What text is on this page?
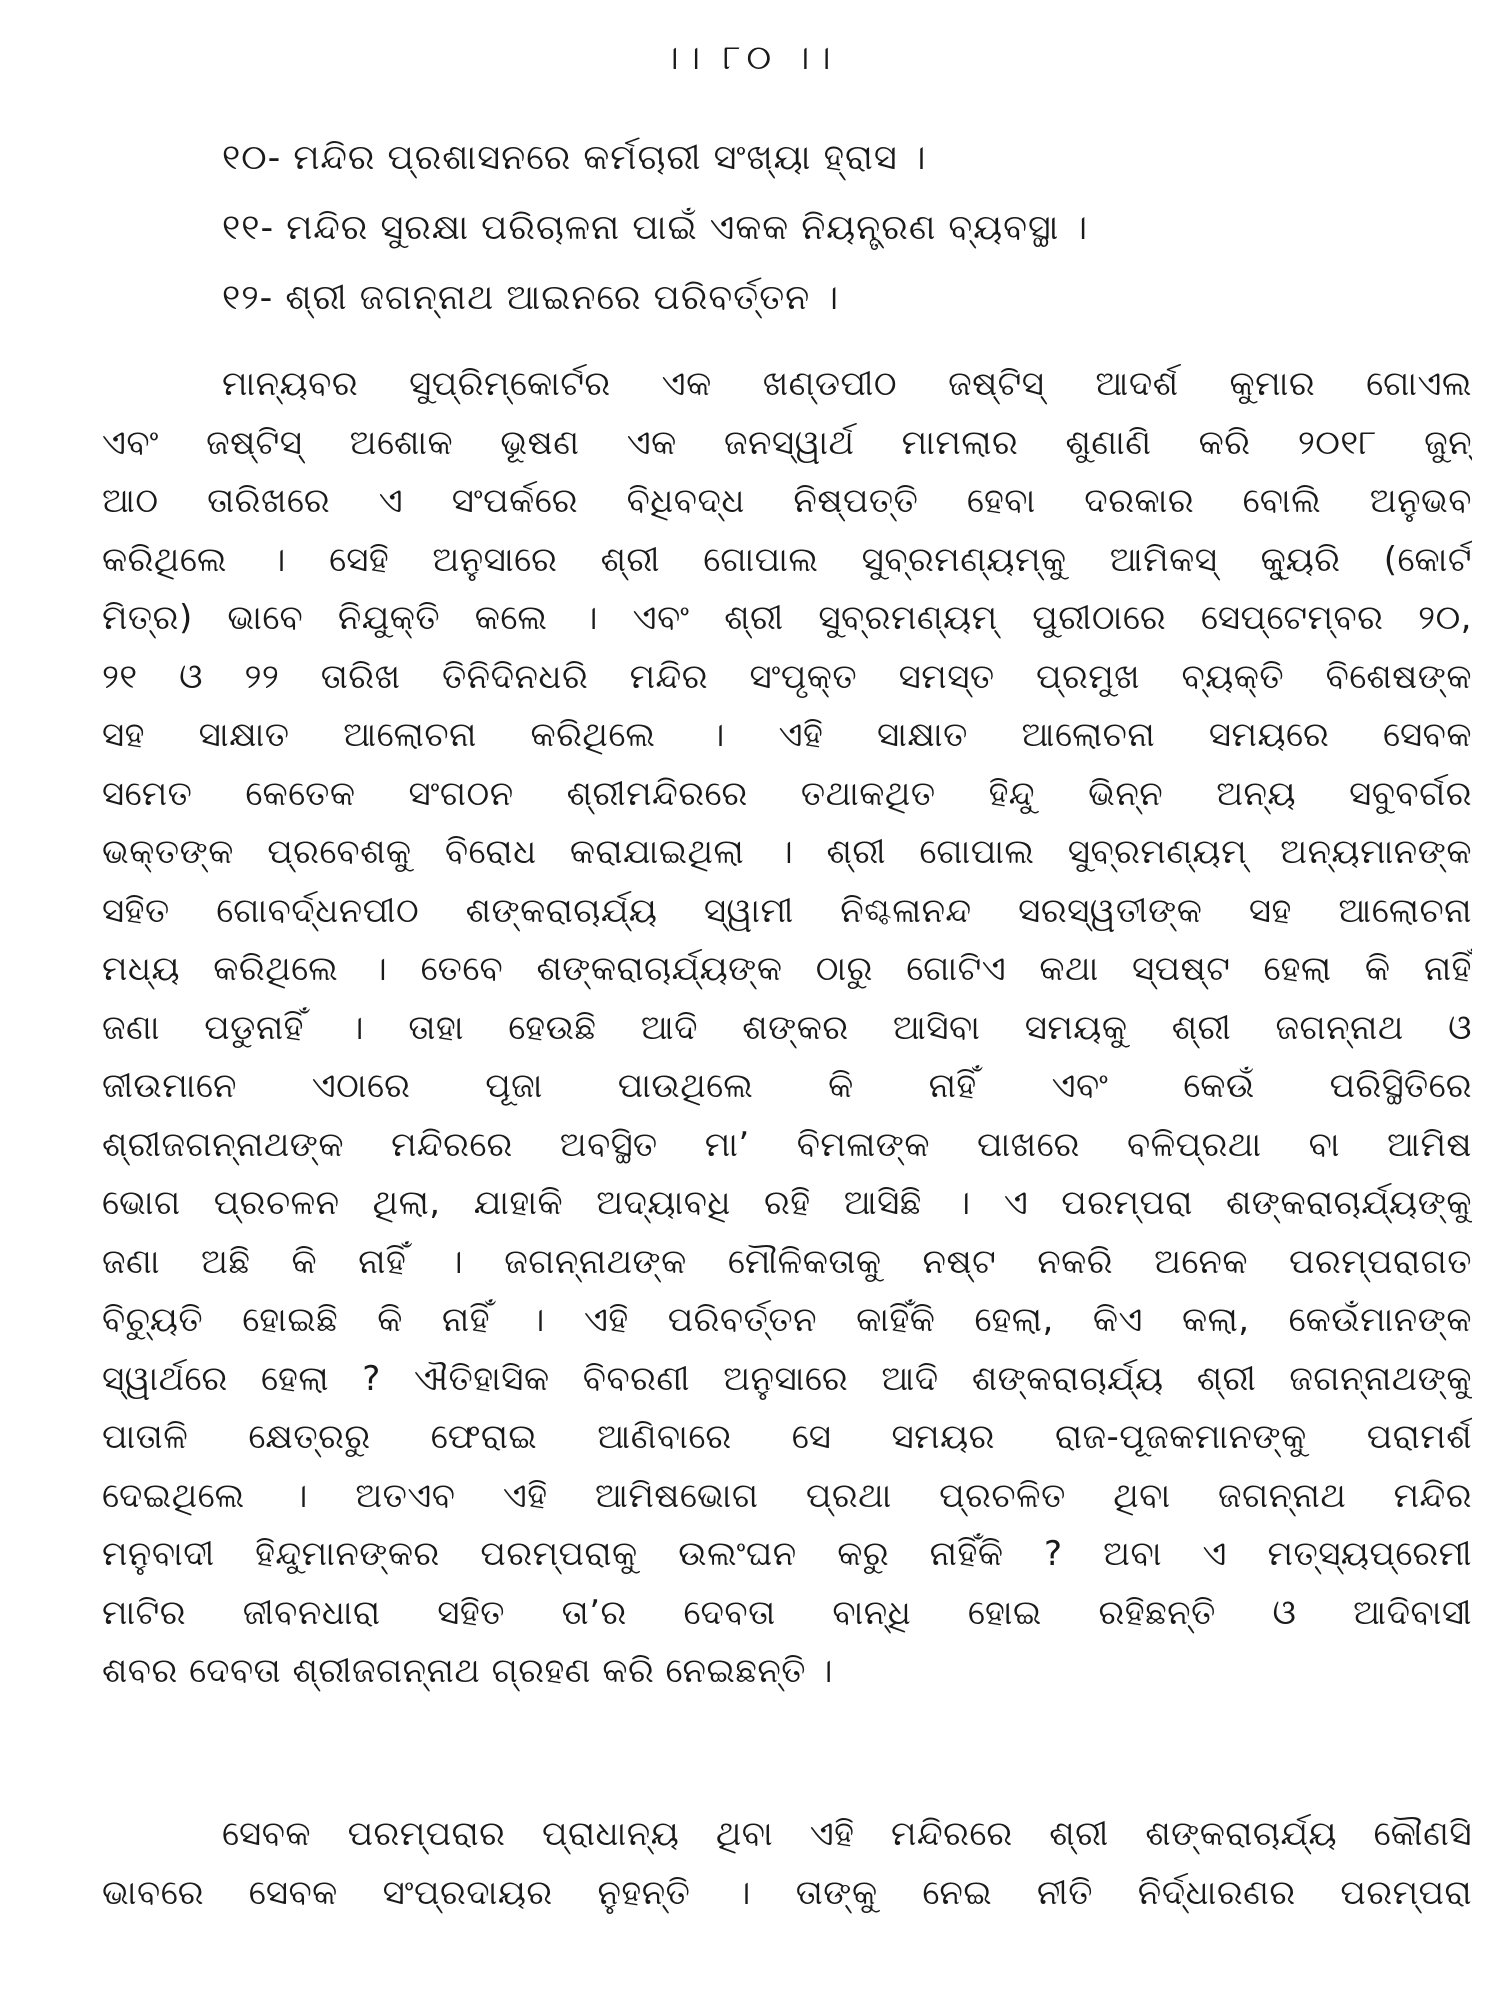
।। ୮୦ ।।
୧୦- ମନ୍ଦିର ପ୍ରଶାସନରେ କର୍ମଚାରୀ ସଂଖ୍ୟା ହ୍ରାସ ।
୧୧- ମନ୍ଦିର ସୁରକ୍ଷା ପରିଚାଳନା ପାଇଁ ଏକକ ନିୟନ୍ତ୍ରଣ ବ୍ୟବସ୍ଥା ।
୧୨- ଶ୍ରୀ ଜଗନ୍ନାଥ ଆଇନରେ ପରିବର୍ତ୍ତନ ।
ମାନ୍ୟବର ସୁପ୍ରିମ୍‌କୋର୍ଟର ଏକ ଖଣ୍ଡପୀଠ ଜଷ୍ଟିସ୍ ଆଦର୍ଶ କୁମାର ଗୋଏଲ
ଏବଂ ଜଷ୍ଟିସ୍ ଅଶୋକ ଭୂଷଣ ଏକ ଜନସ୍ୱାର୍ଥ ମାମଲାର ଶୁଣାଣି କରି ୨୦୧୮ ଜୁନ୍
ଆଠ ତାରିଖରେ ଏ ସଂପର୍କରେ ବିଧିବଦ୍ଧ ନିଷ୍ପତ୍ତି ହେବା ଦରକାର ବୋଲି ଅନୁଭବ
କରିଥିଲେ । ସେହି ଅନୁସାରେ ଶ୍ରୀ ଗୋପାଲ ସୁବ୍ରମଣ୍ୟମ୍‌କୁ ଆମିକସ୍ କ୍ୟୁରି (କୋର୍ଟ
ମିତ୍ର) ଭାବେ ନିଯୁକ୍ତି କଲେ । ଏବଂ ଶ୍ରୀ ସୁବ୍ରମଣ୍ୟମ୍ ପୁରୀଠାରେ ସେପ୍ଟେମ୍ବର ୨୦,
୨୧ ଓ ୨୨ ତାରିଖ ତିନିଦିନଧରି ମନ୍ଦିର ସଂପୃକ୍ତ ସମସ୍ତ ପ୍ରମୁଖ ବ୍ୟକ୍ତି ବିଶେଷଙ୍କ
ସହ ସାକ୍ଷାତ ଆଲୋଚନା କରିଥିଲେ । ଏହି ସାକ୍ଷାତ ଆଲୋଚନା ସମୟରେ ସେବକ
ସମେତ କେତେକ ସଂଗଠନ ଶ୍ରୀମନ୍ଦିରରେ ତଥାକଥିତ ହିନ୍ଦୁ ଭିନ୍ନ ଅନ୍ୟ ସବୁବର୍ଗର
ଭକ୍ତଙ୍କ ପ୍ରବେଶକୁ ବିରୋଧ କରାଯାଇଥିଲା । ଶ୍ରୀ ଗୋପାଲ ସୁବ୍ରମଣ୍ୟମ୍ ଅନ୍ୟମାନଙ୍କ
ସହିତ ଗୋବର୍ଦ୍ଧନପୀଠ ଶଙ୍କରାଚାର୍ଯ୍ୟ ସ୍ୱାମୀ ନିଶ୍ଚଳାନନ୍ଦ ସରସ୍ୱତୀଙ୍କ ସହ ଆଲୋଚନା
ମଧ୍ୟ କରିଥିଲେ । ତେବେ ଶଙ୍କରାଚାର୍ଯ୍ୟଙ୍କ ଠାରୁ ଗୋଟିଏ କଥା ସ୍ପଷ୍ଟ ହେଲା କି ନାହିଁ
ଜଣା ପଡୁନାହିଁ । ତାହା ହେଉଛି ଆଦି ଶଙ୍କର ଆସିବା ସମୟକୁ ଶ୍ରୀ ଜଗନ୍ନାଥ ଓ
ଜୀଉମାନେ ଏଠାରେ ପୂଜା ପାଉଥିଲେ କି ନାହିଁ ଏବଂ କେଉଁ ପରିସ୍ଥିତିରେ
ଶ୍ରୀଜଗନ୍ନାଥଙ୍କ ମନ୍ଦିରରେ ଅବସ୍ଥିତ ମା’ ବିମଳାଙ୍କ ପାଖରେ ବଳିପ୍ରଥା ବା ଆମିଷ
ଭୋଗ ପ୍ରଚଳନ ଥିଲା, ଯାହାକି ଅଦ୍ୟାବଧି ରହି ଆସିଛି । ଏ ପରମ୍ପରା ଶଙ୍କରାଚାର୍ଯ୍ୟଙ୍କୁ
ଜଣା ଅଛି କି ନାହିଁ । ଜଗନ୍ନାଥଙ୍କ ମୌଳିକତାକୁ ନଷ୍ଟ ନକରି ଅନେକ ପରମ୍ପରାଗତ
ବିଚ୍ୟୁତି ହୋଇଛି କି ନାହିଁ । ଏହି ପରିବର୍ତ୍ତନ କାହିଁକି ହେଲା, କିଏ କଲା, କେଉଁମାନଙ୍କ
ସ୍ୱାର୍ଥରେ ହେଲା ? ଐତିହାସିକ ବିବରଣୀ ଅନୁସାରେ ଆଦି ଶଙ୍କରାଚାର୍ଯ୍ୟ ଶ୍ରୀ ଜଗନ୍ନାଥଙ୍କୁ
ପାତାଳି କ୍ଷେତ୍ରରୁ ଫେରାଇ ଆଣିବାରେ ସେ ସମୟର ରାଜ-ପୂଜକମାନଙ୍କୁ ପରାମର୍ଶ
ଦେଇଥିଲେ । ଅତଏବ ଏହି ଆମିଷଭୋଗ ପ୍ରଥା ପ୍ରଚଳିତ ଥିବା ଜଗନ୍ନାଥ ମନ୍ଦିର
ମନୁବାଦୀ ହିନ୍ଦୁମାନଙ୍କର ପରମ୍ପରାକୁ ଉଲଂଘନ କରୁ ନାହିଁକି ? ଅବା ଏ ମତ୍ସ୍ୟପ୍ରେମୀ
ମାଟିର ଜୀବନଧାରା ସହିତ ତା’ର ଦେବତା ବାନ୍ଧି ହୋଇ ରହିଛନ୍ତି ଓ ଆଦିବାସୀ
ଶବର ଦେବତା ଶ୍ରୀଜଗନ୍ନାଥ ଗ୍ରହଣ କରି ନେଇଛନ୍ତି ।
ସେବକ ପରମ୍ପରାର ପ୍ରାଧାନ୍ୟ ଥିବା ଏହି ମନ୍ଦିରରେ ଶ୍ରୀ ଶଙ୍କରାଚାର୍ଯ୍ୟ କୌଣସି
ଭାବରେ ସେବକ ସଂପ୍ରଦାୟର ନୁହନ୍ତି । ତାଙ୍କୁ ନେଇ ନୀତି ନିର୍ଦ୍ଧାରଣର ପରମ୍ପରା
